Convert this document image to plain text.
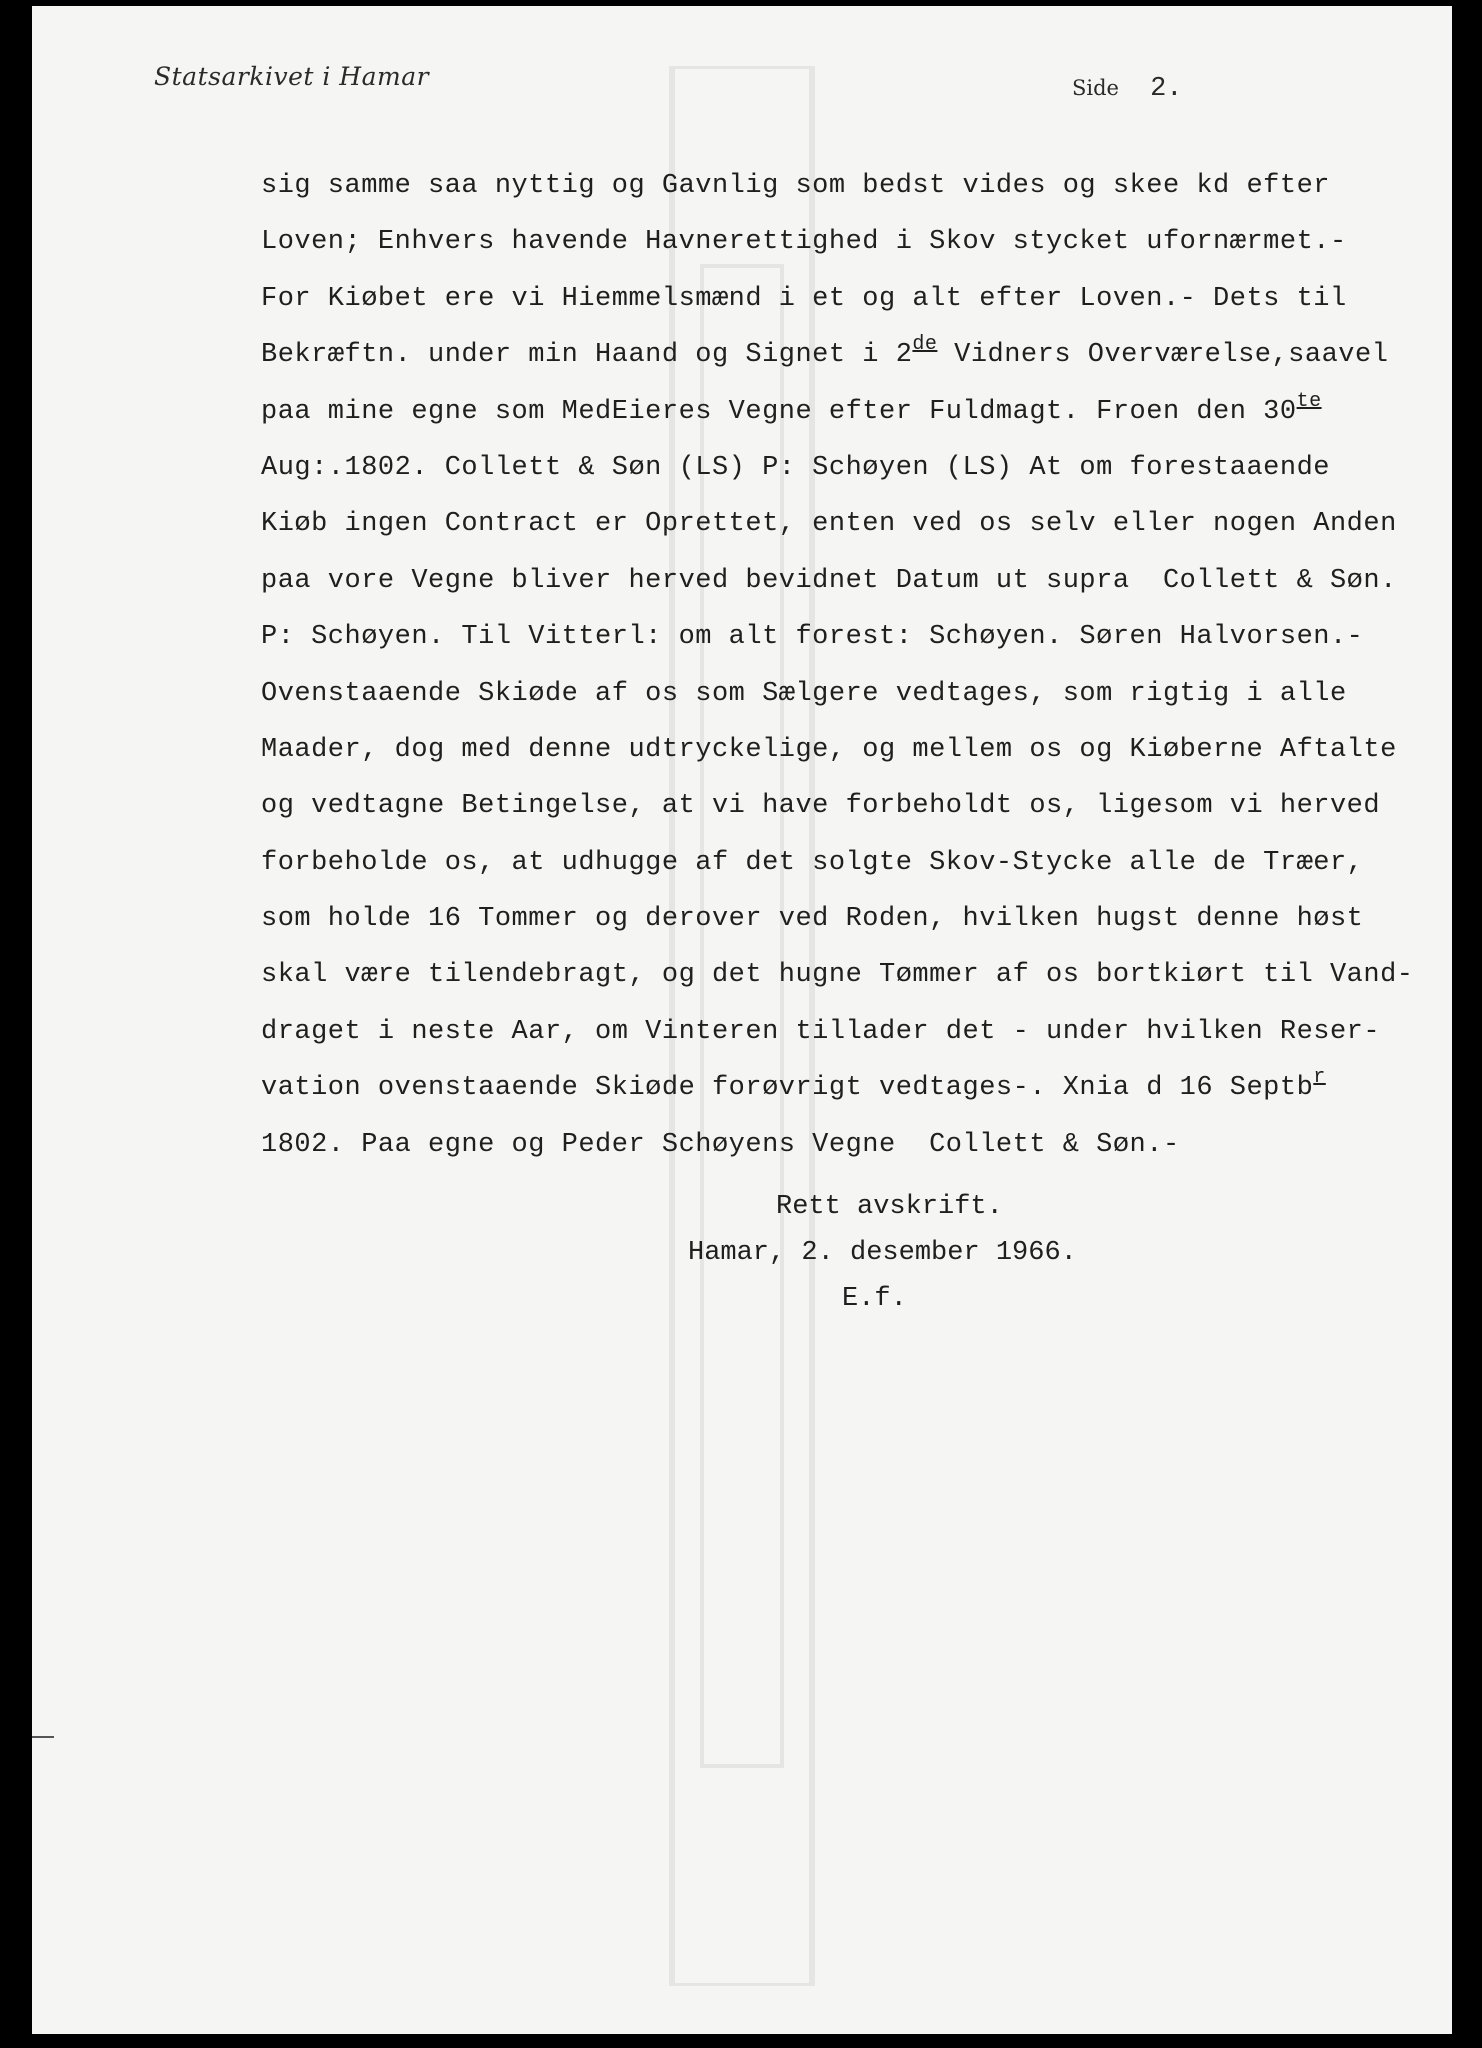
Statsarkivet i Hamar	Side 2.
sig samme saa nyttig og Gavnlig som bedst vides og skee kd efter
Loven; Enhvers havende Havnerettighed i Skov stycket ufornærmet.-
For Kiøbet ere vi Hiemmelsmænd i et og alt efter Loven.- Dets til
Bekræftn. under min Haand og Signet i 2de Vidners Overværelse,saavel
paa mine egne som MedEieres Vegne efter Fuldmagt. Froen den $30^{te}$
Aug:.1802. Collett & Søn (LS) P: Schøyen (LS) At om forestaaende
Kiøb ingen Contract er Oprettet, enten ved os selv eller nogen Anden
paa vore Vegne bliver herved bevidnet Datum ut supra  Collett & Søn.
P: Schøyen. Til Vitterl: om alt forest: Schøyen. Søren Halvorsen.-
Ovenstaaende Skiøde af os som Sælgere vedtages, som rigtig i alle
Maader, dog med denne udtryckelige, og mellem os og Kiøberne Aftalte
og vedtagne Betingelse, at vi have forbeholdt os, ligesom vi herved
forbeholde os, at udhugge af det solgte Skov-Stycke alle de Træer,
som holde 16 Tommer og derover ved Roden, hvilken hugst denne høst
skal være tilendebragt, og det hugne Tømmer af os bortkiørt til Vand-
draget i neste Aar, om Vinteren tillader det - under hvilken Reser-
vation ovenstaaende Skiøde forøvrigt vedtages-. Xnia d 16 Septb$^r$
1802. Paa egne og Peder Schøyens Vegne  Collett & Søn.-
Rett avskrift.
Hamar, 2. desember 1966.
E.f.
